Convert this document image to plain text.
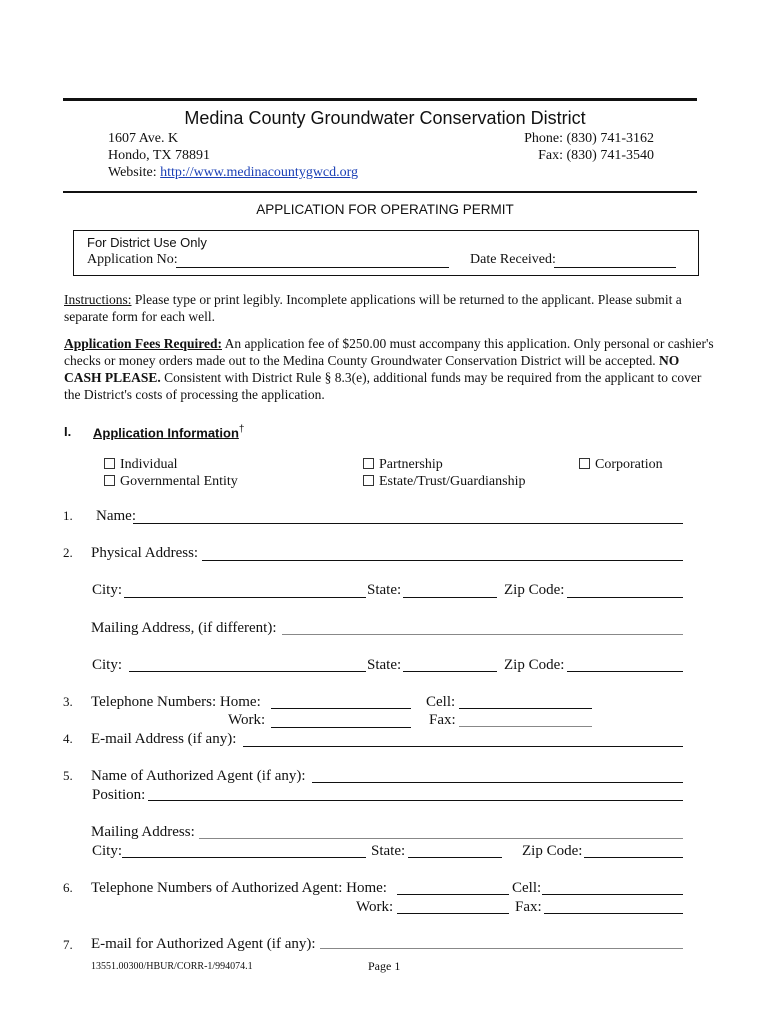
Medina County Groundwater Conservation District
1607 Ave. K
Hondo, TX 78891
Website: http://www.medinacountygwcd.org
Phone: (830) 741-3162
Fax: (830) 741-3540
APPLICATION FOR OPERATING PERMIT
For District Use Only
Application No:	Date Received:
Instructions: Please type or print legibly. Incomplete applications will be returned to the applicant. Please submit a separate form for each well.
Application Fees Required: An application fee of $250.00 must accompany this application. Only personal or cashier's checks or money orders made out to the Medina County Groundwater Conservation District will be accepted. NO CASH PLEASE. Consistent with District Rule § 8.3(e), additional funds may be required from the applicant to cover the District's costs of processing the application.
I. Application Information†
Individual
Governmental Entity
Partnership
Estate/Trust/Guardianship
Corporation
1. Name:
2. Physical Address:
City:	State:	Zip Code:
Mailing Address, (if different):
City:	State:	Zip Code:
3. Telephone Numbers: Home:	Cell:
Work:	Fax:
4. E-mail Address (if any):
5. Name of Authorized Agent (if any):
Position:
Mailing Address:
City:	State:	Zip Code:
6. Telephone Numbers of Authorized Agent: Home:	Cell:
Work:	Fax:
7. E-mail for Authorized Agent (if any):
13551.00300/HBUR/CORR-1/994074.1	Page 1
